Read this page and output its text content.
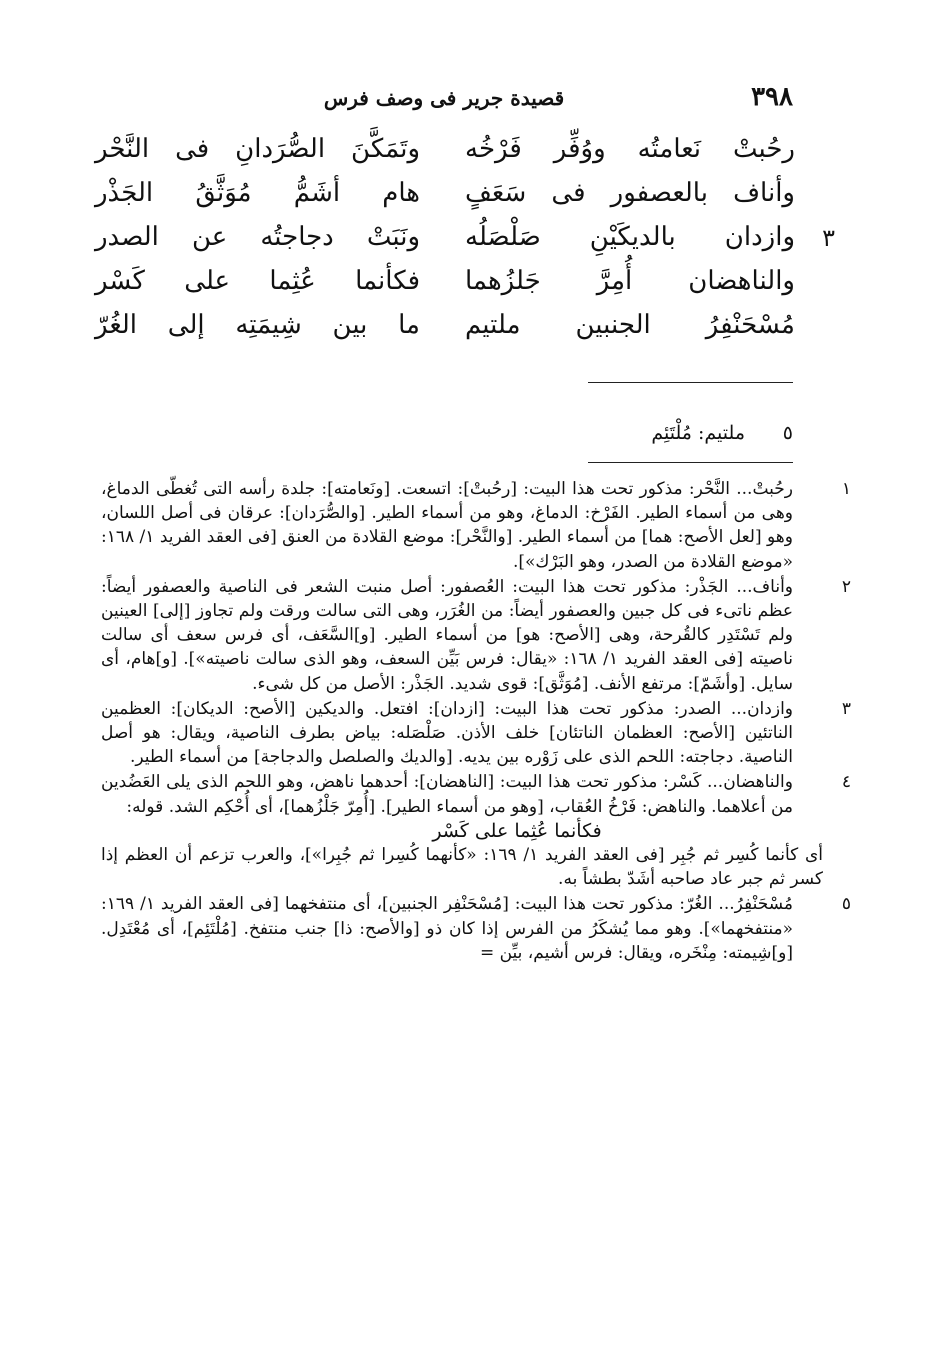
٣٩٨
قصيدة جرير فى وصف فرس
رحُبتْ نَعامتُه ووُفِّر فَرْخُه
وتَمَكَّنَ الصُّرَدانِ فى النَّحْر
وأناف بالعصفور فى سَعَفٍ
هام أشَمُّ مُوَثَّقُ الجَذْر
٣
وازدان بالديكَيْنِ صَلْصَلُه
ونَبَتْ دجاجتُه عن الصدر
والناهضان أُمِرَّ جَلزُهما
فكأنما عُثِما على كَسْر
مُسْحَنْفِرُ الجنبين ملتيم
ما بين شِيمَتِه إلى الغُرّ
٥ملتيم: مُلْتَئِم
١
رحُبتْ... النَّحْر: مذكور تحت هذا البيت: [رحُبتْ]: اتسعت. [ونَعامته]: جلدة رأسه التى تُغطّى الدماغ، وهى من أسماء الطير. الفَرْخ: الدماغ، وهو من أسماء الطير. [والصُّرَدان]: عرقان فى أصل اللسان، وهو [لعل الأصح: هما] من أسماء الطير. [والنَّحْر]: موضع القلادة من العنق [فى العقد الفريد ١/ ١٦٨: «موضع القلادة من الصدر، وهو البَرْك»].
٢
وأناف... الجَذْر: مذكور تحت هذا البيت: العُصفور: أصل منبت الشعر فى الناصية والعصفور أيضاً: عظم ناتىء فى كل جبين والعصفور أيضاً: من الغُرَر، وهى التى سالت ورقت ولم تجاوز [إلى] العينين ولم تَسْتَدِر كالقُرحة، وهى [الأصح: هو] من أسماء الطير. [و]السَّعَف، أى فرس سعف أى سالت ناصيته [فى العقد الفريد ١/ ١٦٨: «يقال: فرس بَيِّن السعف، وهو الذى سالت ناصيته»]. [و]هام، أى سايل. [وأشَمّ]: مرتفع الأنف. [مُوَثَّق]: قوى شديد. الجَذْر: الأصل من كل شىء.
٣
وازدان... الصدر: مذكور تحت هذا البيت: [ازدان]: افتعل. والديكين [الأصح: الديكان]: العظمين الناتئين [الأصح: العظمان الناتئان] خلف الأذن. صَلْصَله: بياض بطرف الناصية، ويقال: هو أصل الناصية. دجاجته: اللحم الذى على زَوْره بين يديه. [والديك والصلصل والدجاجة] من أسماء الطير.
٤
والناهضان... كَسْر: مذكور تحت هذا البيت: [الناهضان]: أحدهما ناهض، وهو اللحم الذى يلى العَضُدين من أعلاهما. والناهض: فَرْخُ العُقاب، [وهو من أسماء الطير]. [أُمِرّ جَلْزُهما]، أى أُحْكِم الشد. قوله:
فكأنما عُثِما على كَسْر
أى كأنما كُسِر ثم جُبِر [فى العقد الفريد ١/ ١٦٩: «كأنهما كُسِرا ثم جُبِرا»]، والعرب تزعم أن العظم إذا كسر ثم جبر عاد صاحبه أشَدّ بطشاً به.
٥
مُسْحَنْفِرُ... الغُرّ: مذكور تحت هذا البيت: [مُسْحَنْفِر الجنبين]، أى منتفخهما [فى العقد الفريد ١/ ١٦٩: «منتفخهما»]. وهو مما يُشكَرُ من الفرس إذا كان ذو [والأصح: ذا] جنب منتفخ. [مُلْتَئِم]، أى مُعْتَدِل. [و]شِيمته: مِنْخَره، ويقال: فرس أشيم، بيِّن =
